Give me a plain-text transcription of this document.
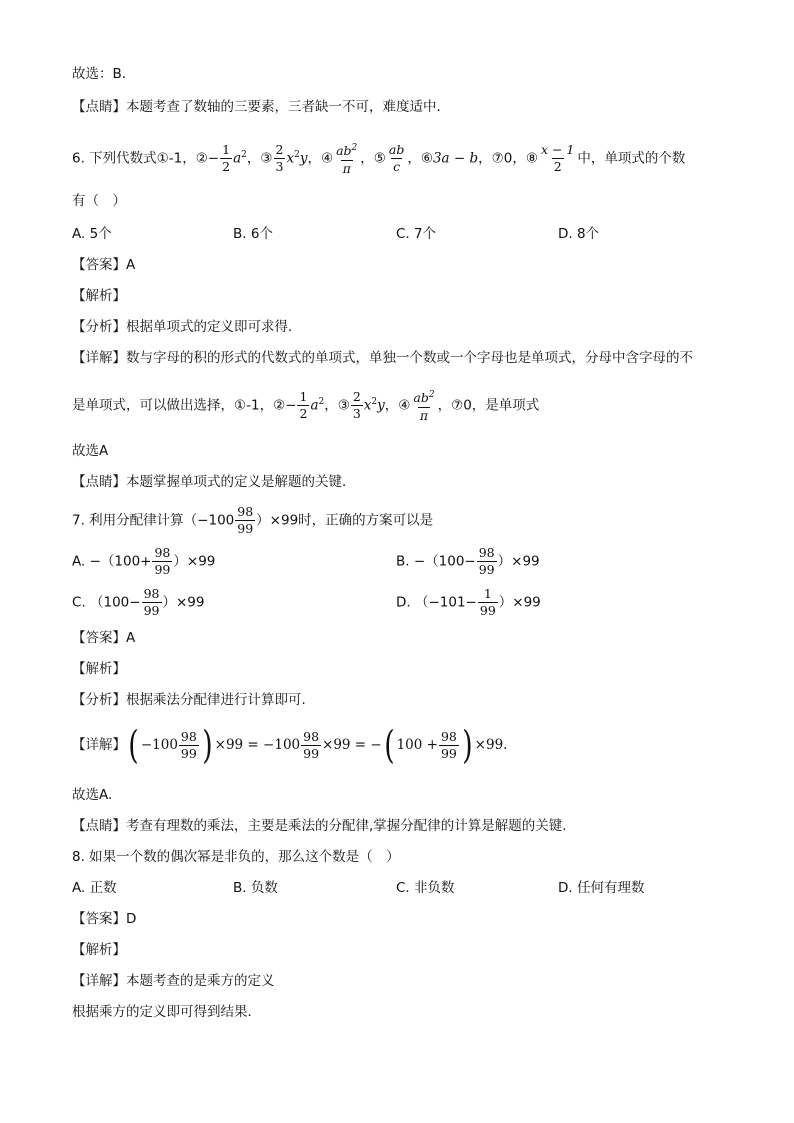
故选：B．
【点睛】本题考查了数轴的三要素，三者缺一不可，难度适中．
6. 下列代数式①-1，②− $\frac{1}{2} a^2$，③ $\frac{2}{3} x^2y$，④ $\frac{ab^2}{\pi}$ ，⑤ $\frac{ab}{c}$ ，⑥3a − b，⑦0，⑧ $\frac{x - 1}{2}$ 中，单项式的个数
有（　）
A. 5个	B. 6个	C. 7个	D. 8个
【答案】A
【解析】
【分析】根据单项式的定义即可求得．
【详解】数与字母的积的形式的代数式的单项式，单独一个数或一个字母也是单项式，分母中含字母的不
是单项式，可以做出选择，①-1，②− $\frac{1}{2} a^2$，③ $\frac{2}{3} x^2y$，④ $\frac{ab^2}{\pi}$ ，⑦0，是单项式
故选A
【点睛】本题掌握单项式的定义是解题的关键．
7. 利用分配律计算$(-100 \frac{98}{99} )\times 99$时，正确的方案可以是
A. $-(100+ \frac{98}{99} )\times 99$	B. $-(100- \frac{98}{99} )\times 99$
C. $(100- \frac{98}{99} )\times 99$	D. $(-101- \frac{1}{99} )\times 99$
【答案】A
【解析】
【分析】根据乘法分配律进行计算即可.
【详解】( $-100 \frac{98}{99}$ ) $\times 99 = -100 \frac{98}{99} \times 99$ = −( $100 + \frac{98}{99}$ ) ×99.
故选A.
【点睛】考查有理数的乘法，主要是乘法的分配律,掌握分配律的计算是解题的关键.
8. 如果一个数的偶次幂是非负的，那么这个数是（　）
A. 正数	B. 负数	C. 非负数	D. 任何有理数
【答案】D
【解析】
【详解】本题考查的是乘方的定义
根据乘方的定义即可得到结果．
